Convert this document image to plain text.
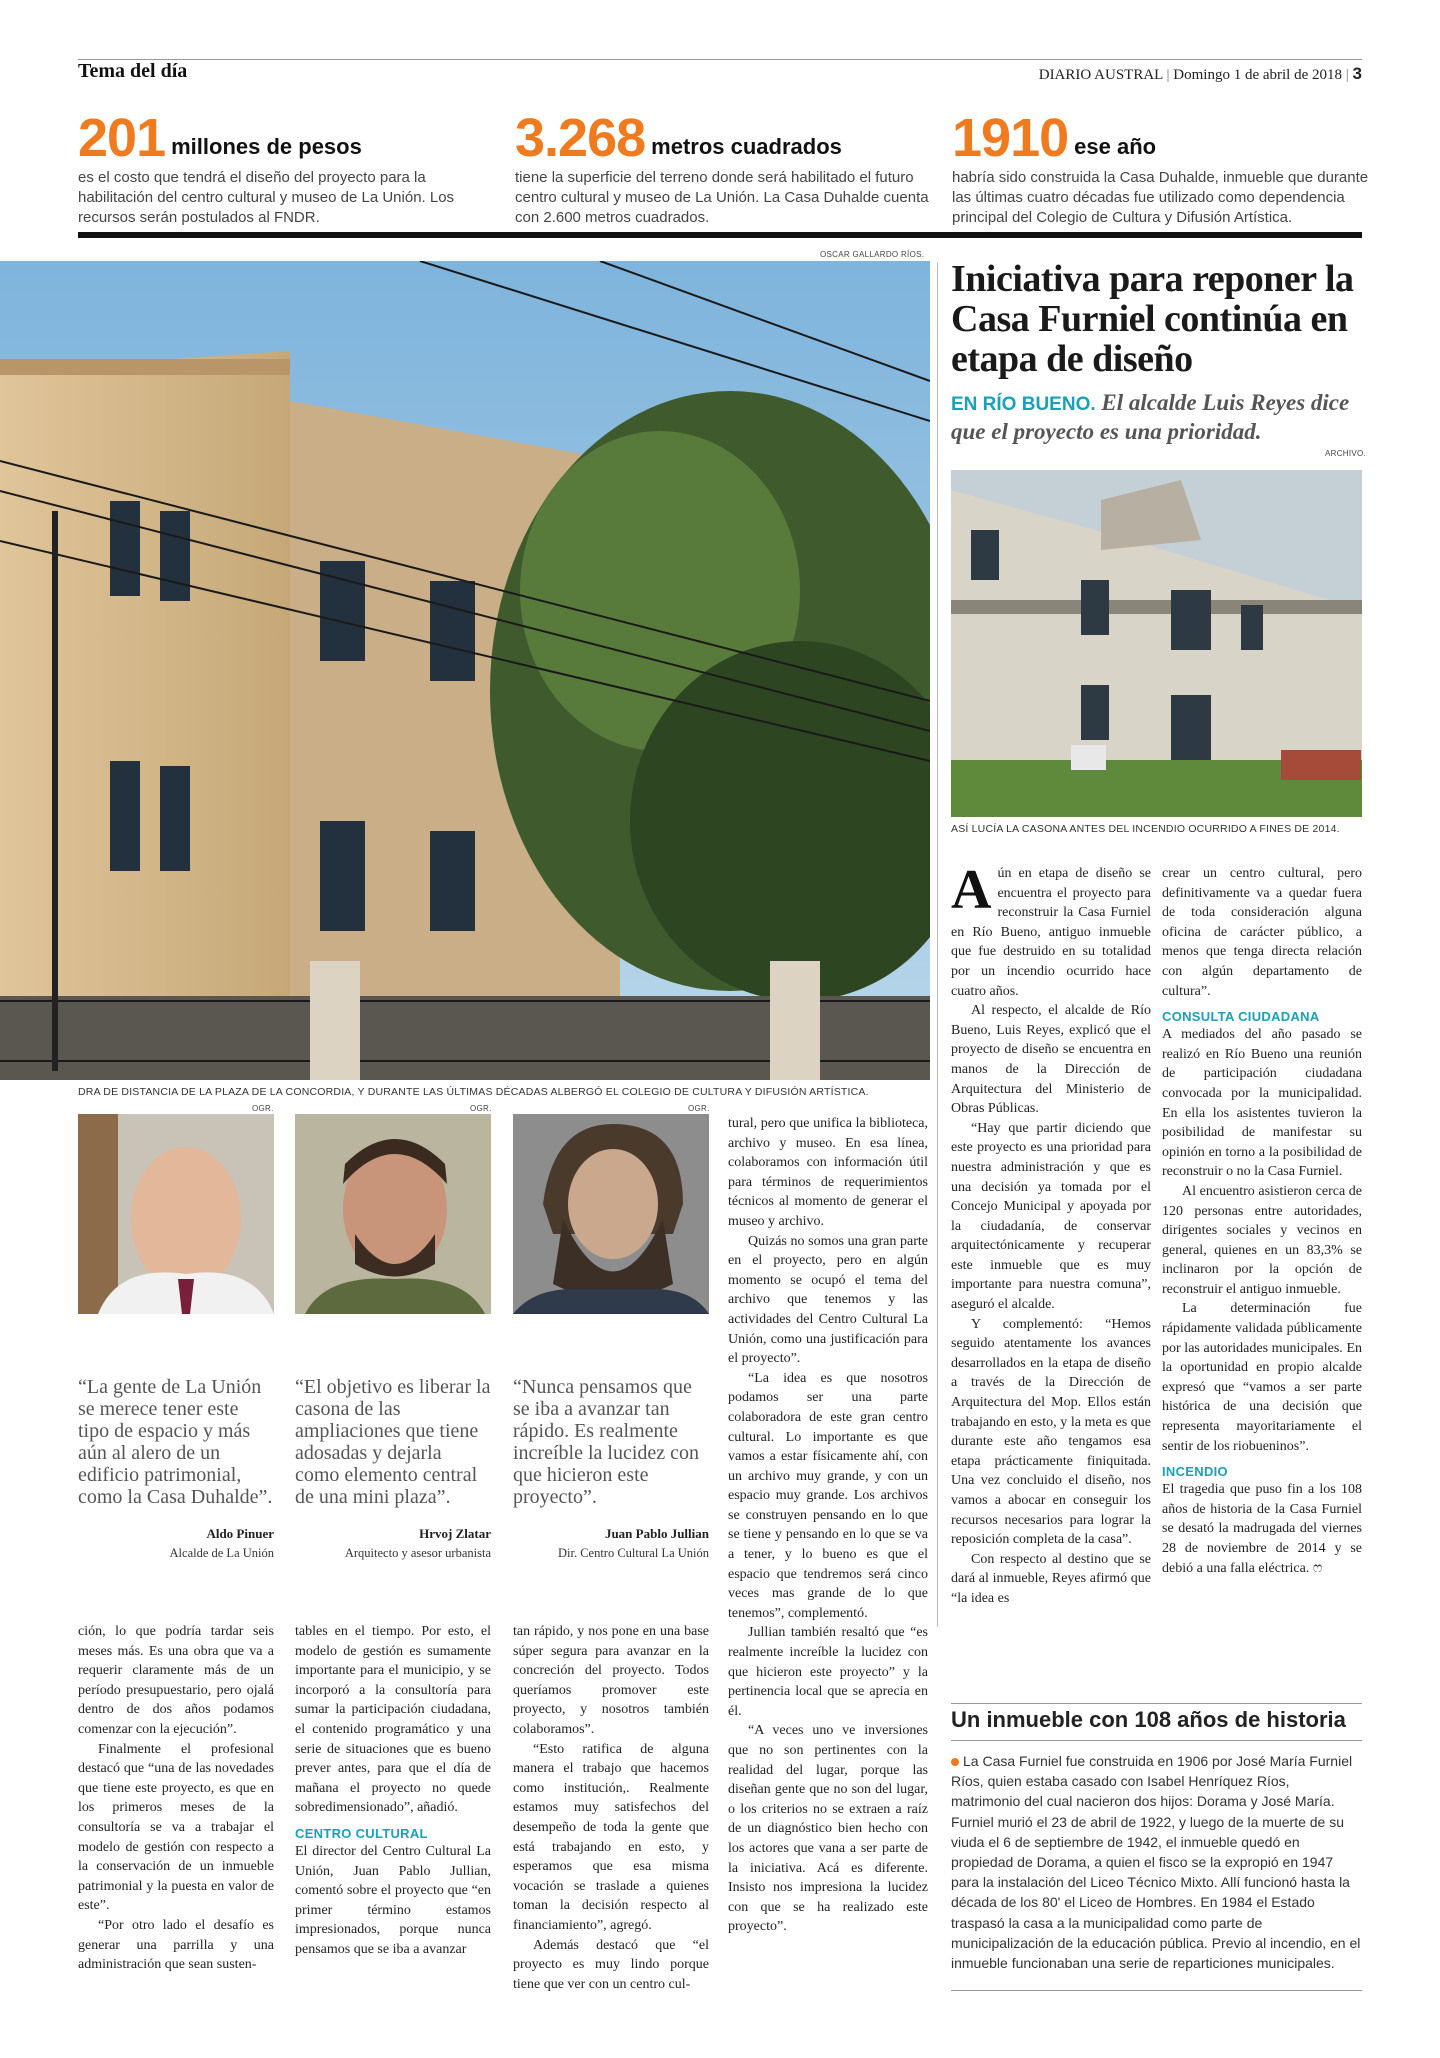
Tema del día	DIARIO AUSTRAL | Domingo 1 de abril de 2018 | 3
201 millones de pesos
es el costo que tendrá el diseño del proyecto para la habilitación del centro cultural y museo de La Unión. Los recursos serán postulados al FNDR.
3.268 metros cuadrados
tiene la superficie del terreno donde será habilitado el futuro centro cultural y museo de La Unión. La Casa Duhalde cuenta con 2.600 metros cuadrados.
1910 ese año
habría sido construida la Casa Duhalde, inmueble que durante las últimas cuatro décadas fue utilizado como dependencia principal del Colegio de Cultura y Difusión Artística.
OSCAR GALLARDO RÍOS.
DRA DE DISTANCIA DE LA PLAZA DE LA CONCORDIA, Y DURANTE LAS ÚLTIMAS DÉCADAS ALBERGÓ EL COLEGIO DE CULTURA Y DIFUSIÓN ARTÍSTICA.
Iniciativa para reponer la Casa Furniel continúa en etapa de diseño
EN RÍO BUENO. El alcalde Luis Reyes dice que el proyecto es una prioridad.
ARCHIVO.
ASÍ LUCÍA LA CASONA ANTES DEL INCENDIO OCURRIDO A FINES DE 2014.

Aún en etapa de diseño se encuentra el proyecto para reconstruir la Casa Furniel en Río Bueno, antiguo inmueble que fue destruido en su totalidad por un incendio ocurrido hace cuatro años.

Al respecto, el alcalde de Río Bueno, Luis Reyes, explicó que el proyecto de diseño se encuentra en manos de la Dirección de Arquitectura del Ministerio de Obras Públicas.

“Hay que partir diciendo que este proyecto es una prioridad para nuestra administración y que es una decisión ya tomada por el Concejo Municipal y apoyada por la ciudadanía, de conservar arquitectónicamente y recuperar este inmueble que es muy importante para nuestra comuna”, aseguró el alcalde.

Y complementó: “Hemos seguido atentamente los avances desarrollados en la etapa de diseño a través de la Dirección de Arquitectura del Mop. Ellos están trabajando en esto, y la meta es que durante este año tengamos esa etapa prácticamente finiquitada. Una vez concluido el diseño, nos vamos a abocar en conseguir los recursos necesarios para lograr la reposición completa de la casa”.

Con respecto al destino que se dará al inmueble, Reyes afirmó que “la idea es

crear un centro cultural, pero definitivamente va a quedar fuera de toda consideración alguna oficina de carácter público, a menos que tenga directa relación con algún departamento de cultura”.

CONSULTA CIUDADANA

A mediados del año pasado se realizó en Río Bueno una reunión de participación ciudadana convocada por la municipalidad. En ella los asistentes tuvieron la posibilidad de manifestar su opinión en torno a la posibilidad de reconstruir o no la Casa Furniel.

Al encuentro asistieron cerca de 120 personas entre autoridades, dirigentes sociales y vecinos en general, quienes en un 83,3% se inclinaron por la opción de reconstruir el antiguo inmueble.

La determinación fue rápidamente validada públicamente por las autoridades municipales. En la oportunidad en propio alcalde expresó que “vamos a ser parte histórica de una decisión que representa mayoritariamente el sentir de los riobueninos”.

INCENDIO

El tragedia que puso fin a los 108 años de historia de la Casa Furniel se desató la madrugada del viernes 28 de noviembre de 2014 y se debió a una falla eléctrica. ෆ

Un inmueble con 108 años de historia
La Casa Furniel fue construida en 1906 por José María Furniel Ríos, quien estaba casado con Isabel Henríquez Ríos, matrimonio del cual nacieron dos hijos: Dorama y José María. Furniel murió el 23 de abril de 1922, y luego de la muerte de su viuda el 6 de septiembre de 1942, el inmueble quedó en propiedad de Dorama, a quien el fisco se la expropió en 1947 para la instalación del Liceo Técnico Mixto. Allí funcionó hasta la década de los 80' el Liceo de Hombres. En 1984 el Estado traspasó la casa a la municipalidad como parte de municipalización de la educación pública. Previo al incendio, en el inmueble funcionaban una serie de reparticiones municipales.
OGR.	OGR.	OGR.
“La gente de La Unión se merece tener este tipo de espacio y más aún al alero de un edificio patrimonial, como la Casa Duhalde”.
Aldo Pinuer
Alcalde de La Unión
“El objetivo es liberar la casona de las ampliaciones que tiene adosadas y dejarla como elemento central de una mini plaza”.
Hrvoj Zlatar
Arquitecto y asesor urbanista
“Nunca pensamos que se iba a avanzar tan rápido. Es realmente increíble la lucidez con que hicieron este proyecto”.
Juan Pablo Jullian
Dir. Centro Cultural La Unión

tural, pero que unifica la biblioteca, archivo y museo. En esa línea, colaboramos con información útil para términos de requerimientos técnicos al momento de generar el museo y archivo.

Quizás no somos una gran parte en el proyecto, pero en algún momento se ocupó el tema del archivo que tenemos y las actividades del Centro Cultural La Unión, como una justificación para el proyecto”.

“La idea es que nosotros podamos ser una parte colaboradora de este gran centro cultural. Lo importante es que vamos a estar físicamente ahí, con un archivo muy grande, y con un espacio muy grande. Los archivos se construyen pensando en lo que se tiene y pensando en lo que se va a tener, y lo bueno es que el espacio que tendremos será cinco veces mas grande de lo que tenemos”, complementó.

Jullian también resaltó que “es realmente increíble la lucidez con que hicieron este proyecto” y la pertinencia local que se aprecia en él.

“A veces uno ve inversiones que no son pertinentes con la realidad del lugar, porque las diseñan gente que no son del lugar, o los criterios no se extraen a raíz de un diagnóstico bien hecho con los actores que vana a ser parte de la iniciativa. Acá es diferente. Insisto nos impresiona la lucidez con que se ha realizado este proyecto”.

ción, lo que podría tardar seis meses más. Es una obra que va a requerir claramente más de un período presupuestario, pero ojalá dentro de dos años podamos comenzar con la ejecución”.

Finalmente el profesional destacó que “una de las novedades que tiene este proyecto, es que en los primeros meses de la consultoría se va a trabajar el modelo de gestión con respecto a la conservación de un inmueble patrimonial y la puesta en valor de este”.

“Por otro lado el desafío es generar una parrilla y una administración que sean susten-

tables en el tiempo. Por esto, el modelo de gestión es sumamente importante para el municipio, y se incorporó a la consultoría para sumar la participación ciudadana, el contenido programático y una serie de situaciones que es bueno prever antes, para que el día de mañana el proyecto no quede sobredimensionado”, añadió.

CENTRO CULTURAL

El director del Centro Cultural La Unión, Juan Pablo Jullian, comentó sobre el proyecto que “en primer término estamos impresionados, porque nunca pensamos que se iba a avanzar

tan rápido, y nos pone en una base súper segura para avanzar en la concreción del proyecto. Todos queríamos promover este proyecto, y nosotros también colaboramos”.

“Esto ratifica de alguna manera el trabajo que hacemos como institución,. Realmente estamos muy satisfechos del desempeño de toda la gente que está trabajando en esto, y esperamos que esa misma vocación se traslade a quienes toman la decisión respecto al financiamiento”, agregó.

Además destacó que “el proyecto es muy lindo porque tiene que ver con un centro cul-
